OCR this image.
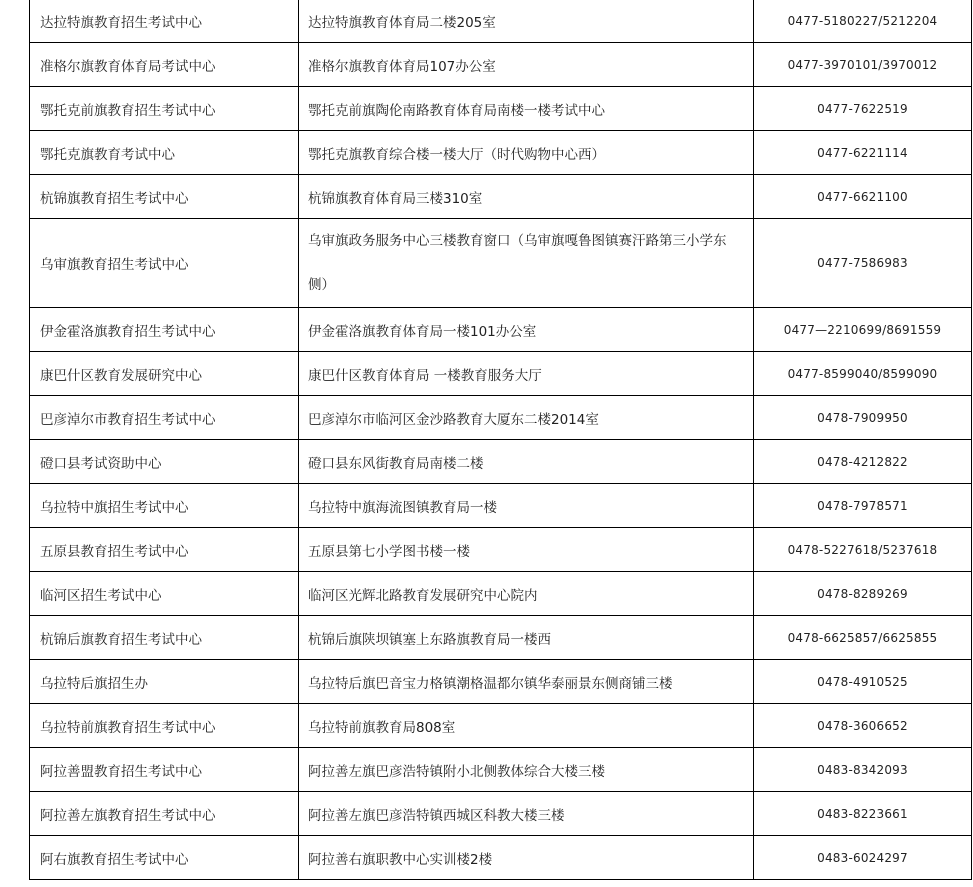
达拉特旗教育招生考试中心	达拉特旗教育体育局二楼205室	0477-5180227/5212204
准格尔旗教育体育局考试中心	准格尔旗教育体育局107办公室	0477-3970101/3970012
鄂托克前旗教育招生考试中心	鄂托克前旗陶伦南路教育体育局南楼一楼考试中心	0477-7622519
鄂托克旗教育考试中心	鄂托克旗教育综合楼一楼大厅（时代购物中心西）	0477-6221114
杭锦旗教育招生考试中心	杭锦旗教育体育局三楼310室	0477-6621100
乌审旗教育招生考试中心	乌审旗政务服务中心三楼教育窗口（乌审旗嘎鲁图镇赛汗路第三小学东侧）	0477-7586983
伊金霍洛旗教育招生考试中心	伊金霍洛旗教育体育局一楼101办公室	0477—2210699/8691559
康巴什区教育发展研究中心	康巴什区教育体育局 一楼教育服务大厅	0477-8599040/8599090
巴彦淖尔市教育招生考试中心	巴彦淖尔市临河区金沙路教育大厦东二楼2014室	0478-7909950
磴口县考试资助中心	磴口县东风街教育局南楼二楼	0478-4212822
乌拉特中旗招生考试中心	乌拉特中旗海流图镇教育局一楼	0478-7978571
五原县教育招生考试中心	五原县第七小学图书楼一楼	0478-5227618/5237618
临河区招生考试中心	临河区光辉北路教育发展研究中心院内	0478-8289269
杭锦后旗教育招生考试中心	杭锦后旗陕坝镇塞上东路旗教育局一楼西	0478-6625857/6625855
乌拉特后旗招生办	乌拉特后旗巴音宝力格镇潮格温都尔镇华泰丽景东侧商铺三楼	0478-4910525
乌拉特前旗教育招生考试中心	乌拉特前旗教育局808室	0478-3606652
阿拉善盟教育招生考试中心	阿拉善左旗巴彦浩特镇附小北侧教体综合大楼三楼	0483-8342093
阿拉善左旗教育招生考试中心	阿拉善左旗巴彦浩特镇西城区科教大楼三楼	0483-8223661
阿右旗教育招生考试中心	阿拉善右旗职教中心实训楼2楼	0483-6024297
